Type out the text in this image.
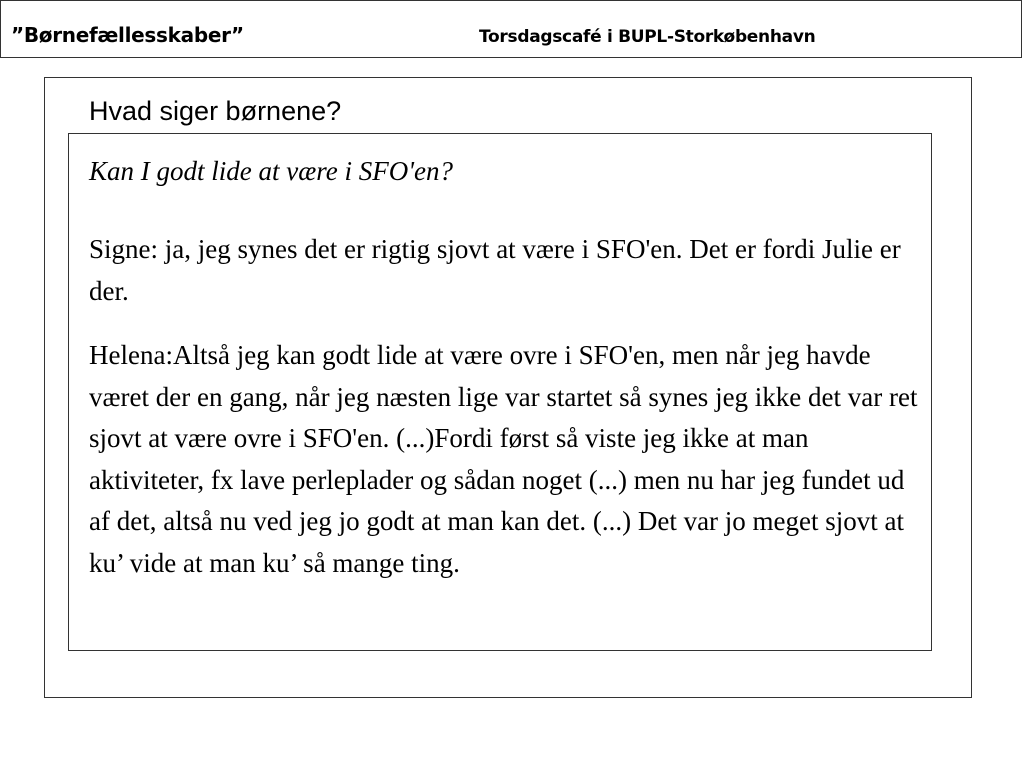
”Børnefællesskaber”	Torsdagscafé i BUPL-Storkøbenhavn
Hvad siger børnene?
Kan I godt lide at være i SFO'en?

Signe: ja, jeg synes det er rigtig sjovt at være i SFO'en. Det er fordi Julie er der.

Helena:Altså jeg kan godt lide at være ovre i SFO'en, men når jeg havde været der en gang, når jeg næsten lige var startet så synes jeg ikke det var ret sjovt at være ovre i SFO'en. (...)Fordi først så viste jeg ikke at man aktiviteter, fx lave perleplader og sådan noget (...) men nu har jeg fundet ud af det, altså nu ved jeg jo godt at man kan det. (...) Det var jo meget sjovt at ku’ vide at man ku’ så mange ting.
